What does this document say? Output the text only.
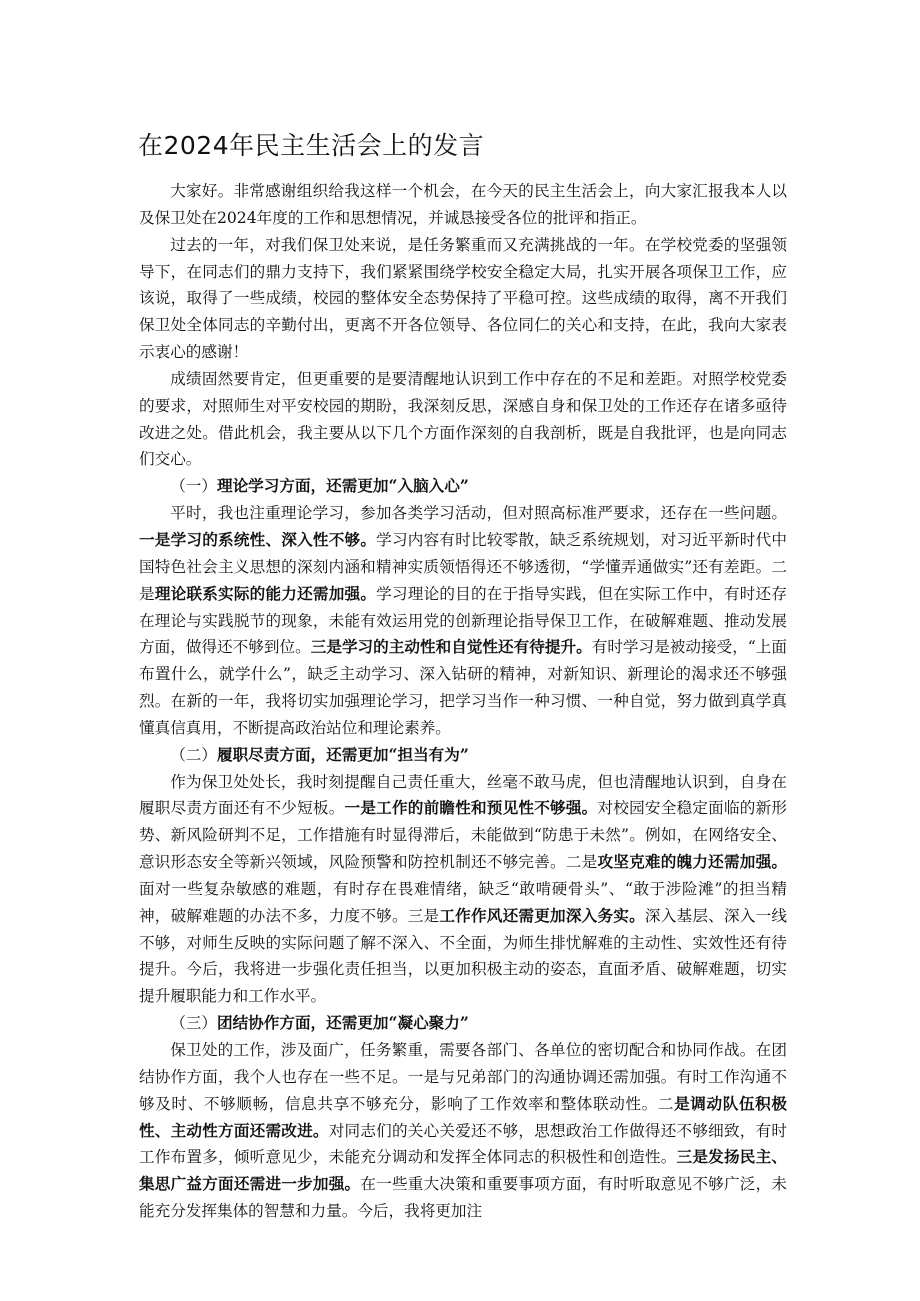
在2024年民主生活会上的发言

大家好。非常感谢组织给我这样一个机会，在今天的民主生活会上，向大家汇报我本人以及保卫处在2024年度的工作和思想情况，并诚恳接受各位的批评和指正。

过去的一年，对我们保卫处来说，是任务繁重而又充满挑战的一年。在学校党委的坚强领导下，在同志们的鼎力支持下，我们紧紧围绕学校安全稳定大局，扎实开展各项保卫工作，应该说，取得了一些成绩，校园的整体安全态势保持了平稳可控。这些成绩的取得，离不开我们保卫处全体同志的辛勤付出，更离不开各位领导、各位同仁的关心和支持，在此，我向大家表示衷心的感谢！

成绩固然要肯定，但更重要的是要清醒地认识到工作中存在的不足和差距。对照学校党委的要求，对照师生对平安校园的期盼，我深刻反思，深感自身和保卫处的工作还存在诸多亟待改进之处。借此机会，我主要从以下几个方面作深刻的自我剖析，既是自我批评，也是向同志们交心。

（一）理论学习方面，还需更加“入脑入心”

平时，我也注重理论学习，参加各类学习活动，但对照高标准严要求，还存在一些问题。一是学习的系统性、深入性不够。学习内容有时比较零散，缺乏系统规划，对习近平新时代中国特色社会主义思想的深刻内涵和精神实质领悟得还不够透彻，“学懂弄通做实”还有差距。二是理论联系实际的能力还需加强。学习理论的目的在于指导实践，但在实际工作中，有时还存在理论与实践脱节的现象，未能有效运用党的创新理论指导保卫工作，在破解难题、推动发展方面，做得还不够到位。三是学习的主动性和自觉性还有待提升。有时学习是被动接受，“上面布置什么，就学什么”，缺乏主动学习、深入钻研的精神，对新知识、新理论的渴求还不够强烈。在新的一年，我将切实加强理论学习，把学习当作一种习惯、一种自觉，努力做到真学真懂真信真用，不断提高政治站位和理论素养。

（二）履职尽责方面，还需更加“担当有为”

作为保卫处处长，我时刻提醒自己责任重大，丝毫不敢马虎，但也清醒地认识到，自身在履职尽责方面还有不少短板。一是工作的前瞻性和预见性不够强。对校园安全稳定面临的新形势、新风险研判不足，工作措施有时显得滞后，未能做到“防患于未然”。例如，在网络安全、意识形态安全等新兴领域，风险预警和防控机制还不够完善。二是攻坚克难的魄力还需加强。面对一些复杂敏感的难题，有时存在畏难情绪，缺乏“敢啃硬骨头”、“敢于涉险滩”的担当精神，破解难题的办法不多，力度不够。三是工作作风还需更加深入务实。深入基层、深入一线不够，对师生反映的实际问题了解不深入、不全面，为师生排忧解难的主动性、实效性还有待提升。今后，我将进一步强化责任担当，以更加积极主动的姿态，直面矛盾、破解难题，切实提升履职能力和工作水平。

（三）团结协作方面，还需更加“凝心聚力”

保卫处的工作，涉及面广，任务繁重，需要各部门、各单位的密切配合和协同作战。在团结协作方面，我个人也存在一些不足。一是与兄弟部门的沟通协调还需加强。有时工作沟通不够及时、不够顺畅，信息共享不够充分，影响了工作效率和整体联动性。二是调动队伍积极性、主动性方面还需改进。对同志们的关心关爱还不够，思想政治工作做得还不够细致，有时工作布置多，倾听意见少，未能充分调动和发挥全体同志的积极性和创造性。三是发扬民主、集思广益方面还需进一步加强。在一些重大决策和重要事项方面，有时听取意见不够广泛，未能充分发挥集体的智慧和力量。今后，我将更加注
